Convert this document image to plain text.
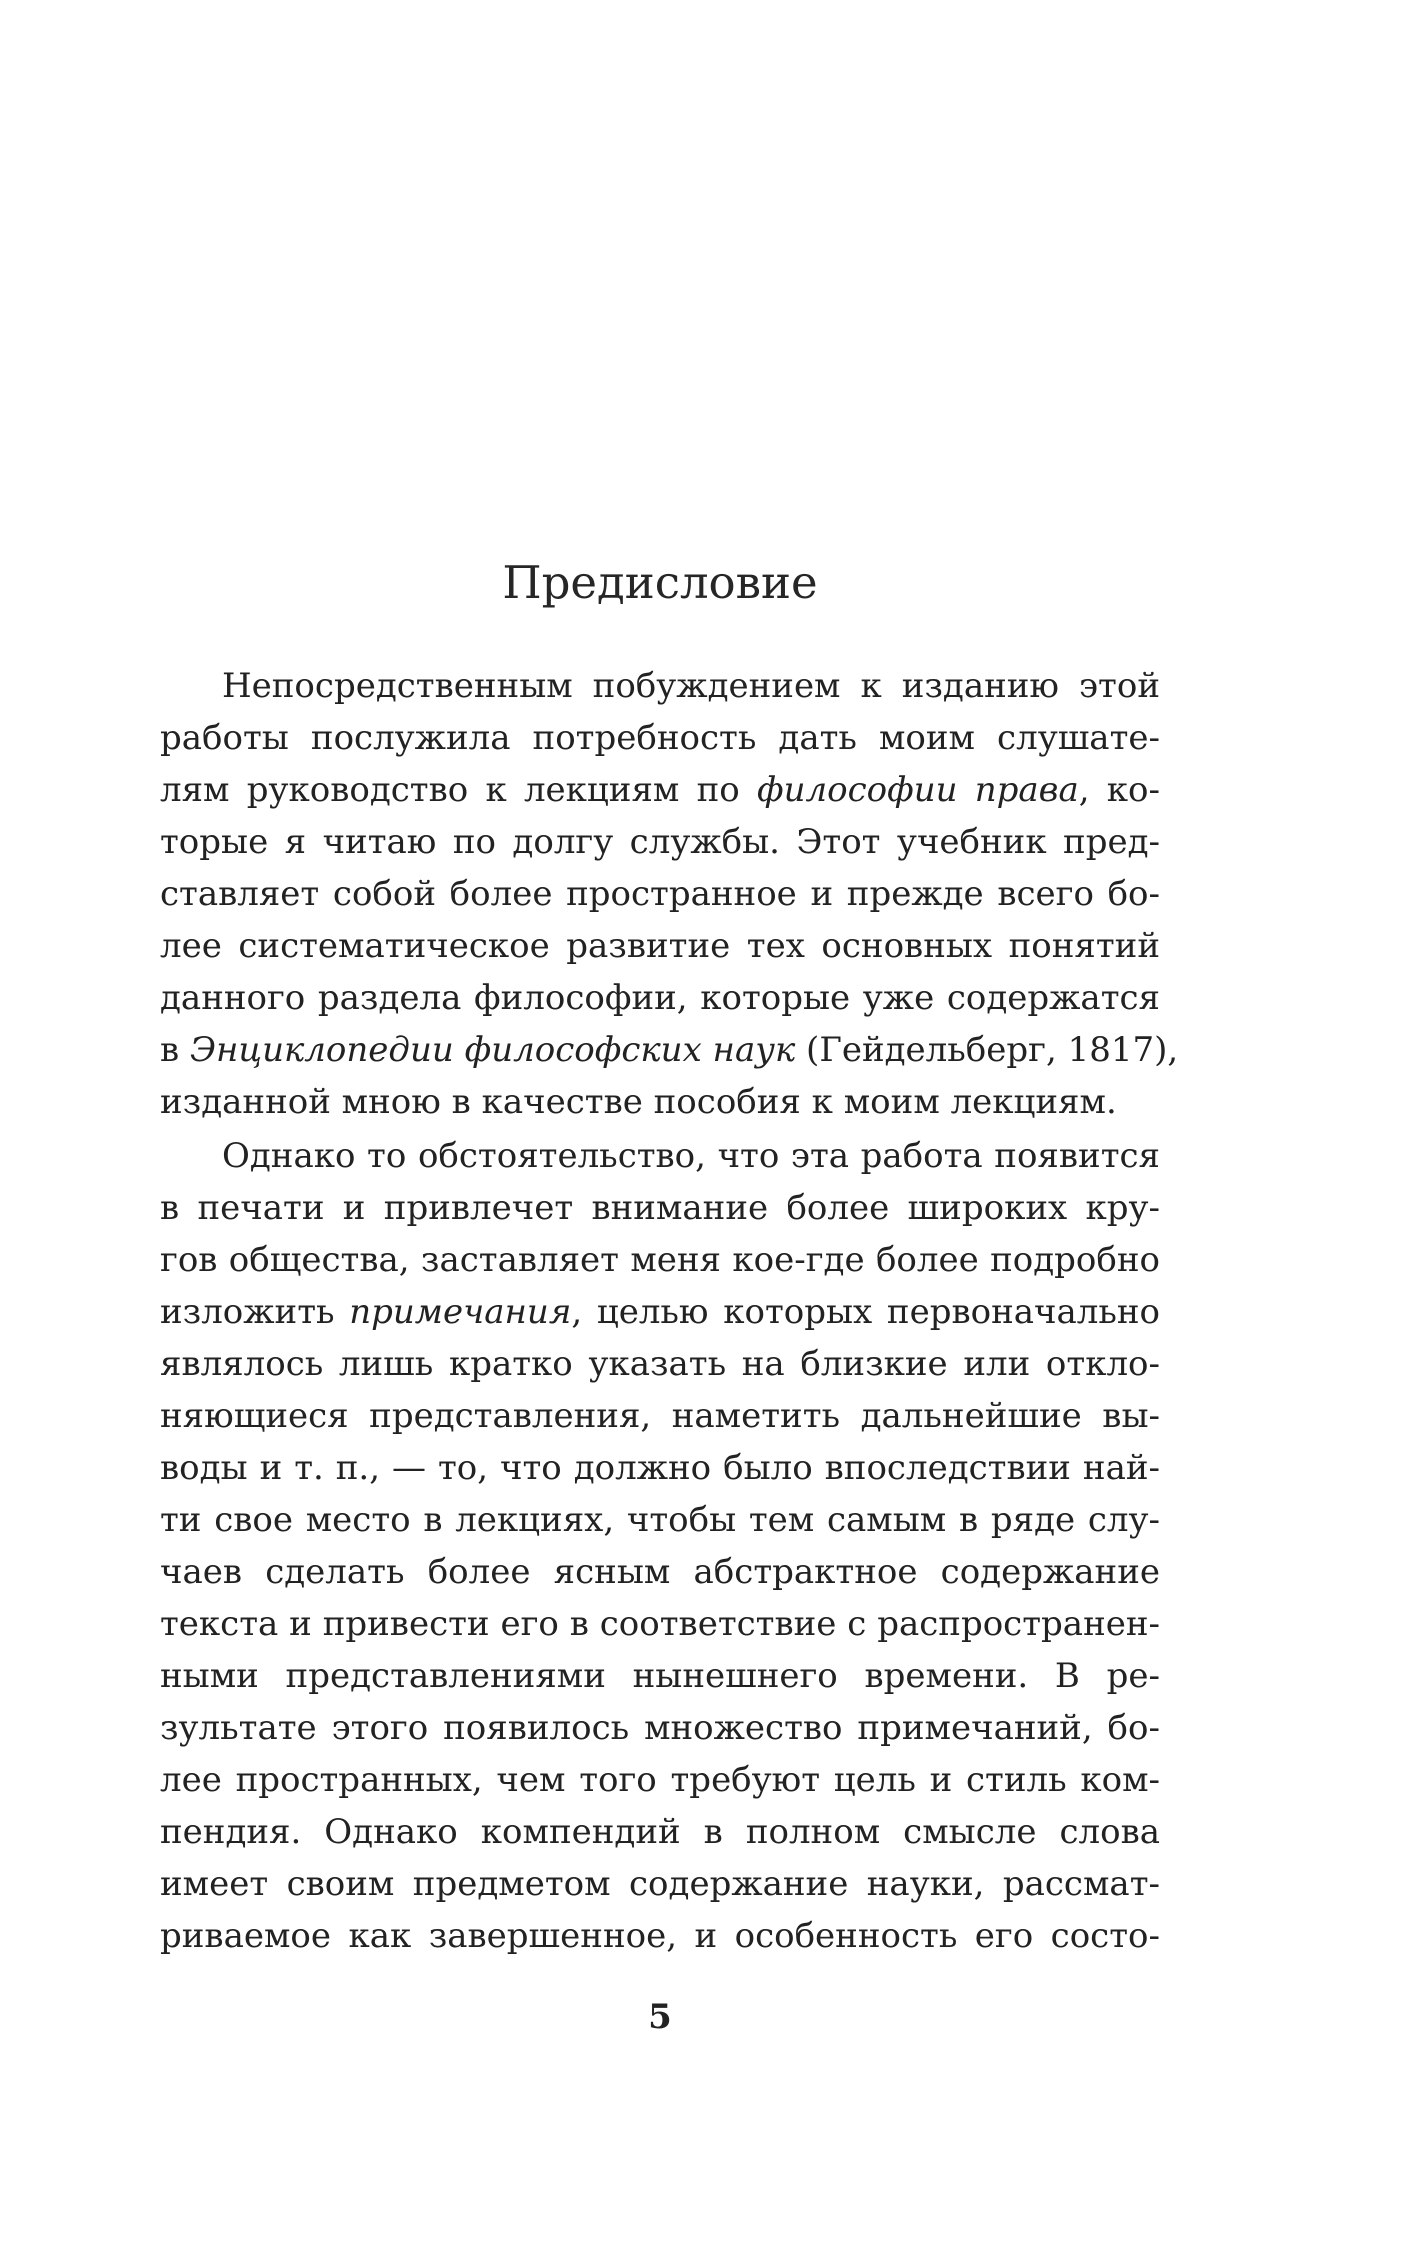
Предисловие

Непосредственным побуждением к изданию этой

работы послужила потребность дать моим слушате-

лям руководство к лекциям по философии права, ко-

торые я читаю по долгу службы. Этот учебник пред-

ставляет собой более пространное и прежде всего бо-

лее систематическое развитие тех основных понятий

данного раздела философии, которые уже содержатся

в Энциклопедии философских наук (Гейдельберг, 1817),

изданной мною в качестве пособия к моим лекциям.

Однако то обстоятельство, что эта работа появится

в печати и привлечет внимание более широких кру-

гов общества, заставляет меня кое-где более подробно

изложить примечания, целью которых первоначально

являлось лишь кратко указать на близкие или откло-

няющиеся представления, наметить дальнейшие вы-

воды и т. п., — то, что должно было впоследствии най-

ти свое место в лекциях, чтобы тем самым в ряде слу-

чаев сделать более ясным абстрактное содержание

текста и привести его в соответствие с распространен-

ными представлениями нынешнего времени. В ре-

зультате этого появилось множество примечаний, бо-

лее пространных, чем того требуют цель и стиль ком-

пендия. Однако компендий в полном смысле слова

имеет своим предметом содержание науки, рассмат-

риваемое как завершенное, и особенность его состо-

5
